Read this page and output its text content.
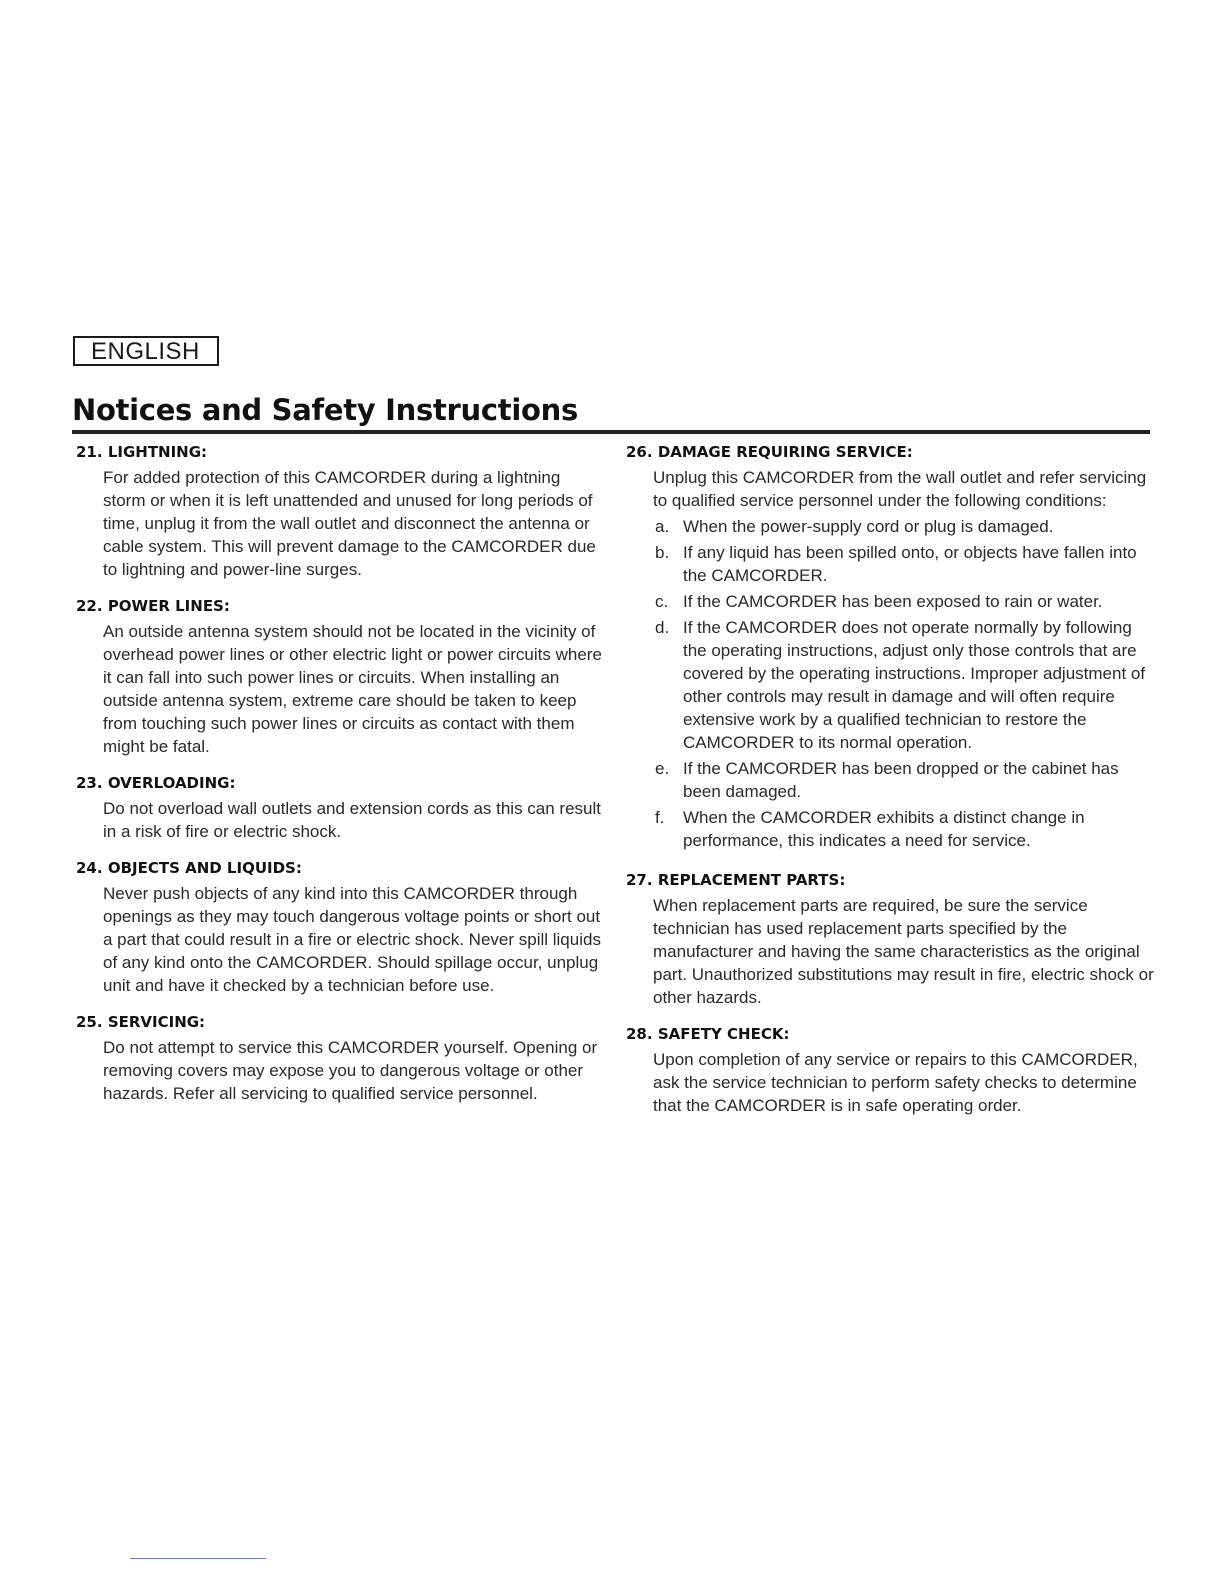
ENGLISH
Notices and Safety Instructions

21. LIGHTNING:

For added protection of this CAMCORDER during a lightning storm or when it is left unattended and unused for long periods of time, unplug it from the wall outlet and disconnect the antenna or cable system. This will prevent damage to the CAMCORDER due to lightning and power-line surges.

22. POWER LINES:

An outside antenna system should not be located in the vicinity of overhead power lines or other electric light or power circuits where it can fall into such power lines or circuits. When installing an outside antenna system, extreme care should be taken to keep from touching such power lines or circuits as contact with them might be fatal.

23. OVERLOADING:

Do not overload wall outlets and extension cords as this can result in a risk of fire or electric shock.

24. OBJECTS AND LIQUIDS:

Never push objects of any kind into this CAMCORDER through openings as they may touch dangerous voltage points or short out a part that could result in a fire or electric shock. Never spill liquids of any kind onto the CAMCORDER. Should spillage occur, unplug unit and have it checked by a technician before use.

25. SERVICING:

Do not attempt to service this CAMCORDER yourself. Opening or removing covers may expose you to dangerous voltage or other hazards. Refer all servicing to qualified service personnel.

26. DAMAGE REQUIRING SERVICE:

Unplug this CAMCORDER from the wall outlet and refer servicing to qualified service personnel under the following conditions:

a. When the power-supply cord or plug is damaged.
b. If any liquid has been spilled onto, or objects have fallen into the CAMCORDER.
c. If the CAMCORDER has been exposed to rain or water.
d. If the CAMCORDER does not operate normally by following the operating instructions, adjust only those controls that are covered by the operating instructions. Improper adjustment of other controls may result in damage and will often require extensive work by a qualified technician to restore the CAMCORDER to its normal operation.
e. If the CAMCORDER has been dropped or the cabinet has been damaged.
f. When the CAMCORDER exhibits a distinct change in performance, this indicates a need for service.

27. REPLACEMENT PARTS:

When replacement parts are required, be sure the service technician has used replacement parts specified by the manufacturer and having the same characteristics as the original part. Unauthorized substitutions may result in fire, electric shock or other hazards.

28. SAFETY CHECK:

Upon completion of any service or repairs to this CAMCORDER, ask the service technician to perform safety checks to determine that the CAMCORDER is in safe operating order.
